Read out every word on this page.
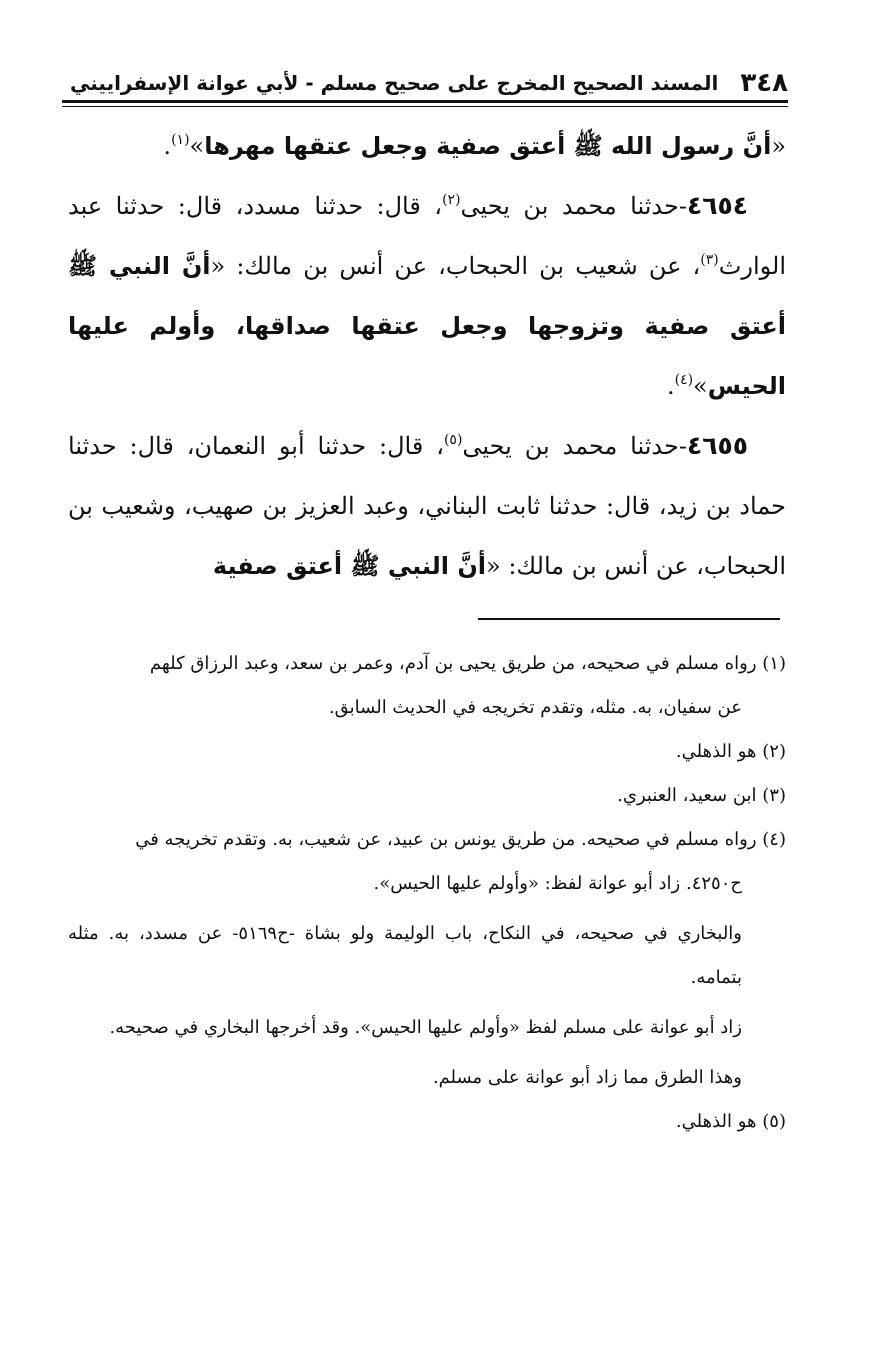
٣٤٨
المسند الصحيح المخرج على صحيح مسلم - لأبي عوانة الإسفراييني

«أنَّ رسول الله ﷺ أعتق صفية وجعل عتقها مهرها»$^{(١)}$.

٤٦٥٤-حدثنا محمد بن يحيى$^{(٢)}$، قال: حدثنا مسدد، قال: حدثنا عبد الوارث$^{(٣)}$، عن شعيب بن الحبحاب، عن أنس بن مالك: «أنَّ النبي ﷺ أعتق صفية وتزوجها وجعل عتقها صداقها، وأولم عليها الحيس»$^{(٤)}$.

٤٦٥٥-حدثنا محمد بن يحيى$^{(٥)}$، قال: حدثنا أبو النعمان، قال: حدثنا حماد بن زيد، قال: حدثنا ثابت البناني، وعبد العزيز بن صهيب، وشعيب بن الحبحاب، عن أنس بن مالك: «أنَّ النبي ﷺ أعتق صفية

(١) رواه مسلم في صحيحه، من طريق يحيى بن آدم، وعمر بن سعد، وعبد الرزاق كلهم
عن سفيان، به. مثله، وتقدم تخريجه في الحديث السابق.
(٢) هو الذهلي.
(٣) ابن سعيد، العنبري.
(٤) رواه مسلم في صحيحه. من طريق يونس بن عبيد، عن شعيب، به. وتقدم تخريجه في
ح٤٢٥٠. زاد أبو عوانة لفظ: «وأولم عليها الحيس».
والبخاري في صحيحه، في النكاح، باب الوليمة ولو بشاة -ح٥١٦٩- عن مسدد، به. مثله بتمامه.
زاد أبو عوانة على مسلم لفظ «وأولم عليها الحيس». وقد أخرجها البخاري في صحيحه.
وهذا الطرق مما زاد أبو عوانة على مسلم.
(٥) هو الذهلي.
